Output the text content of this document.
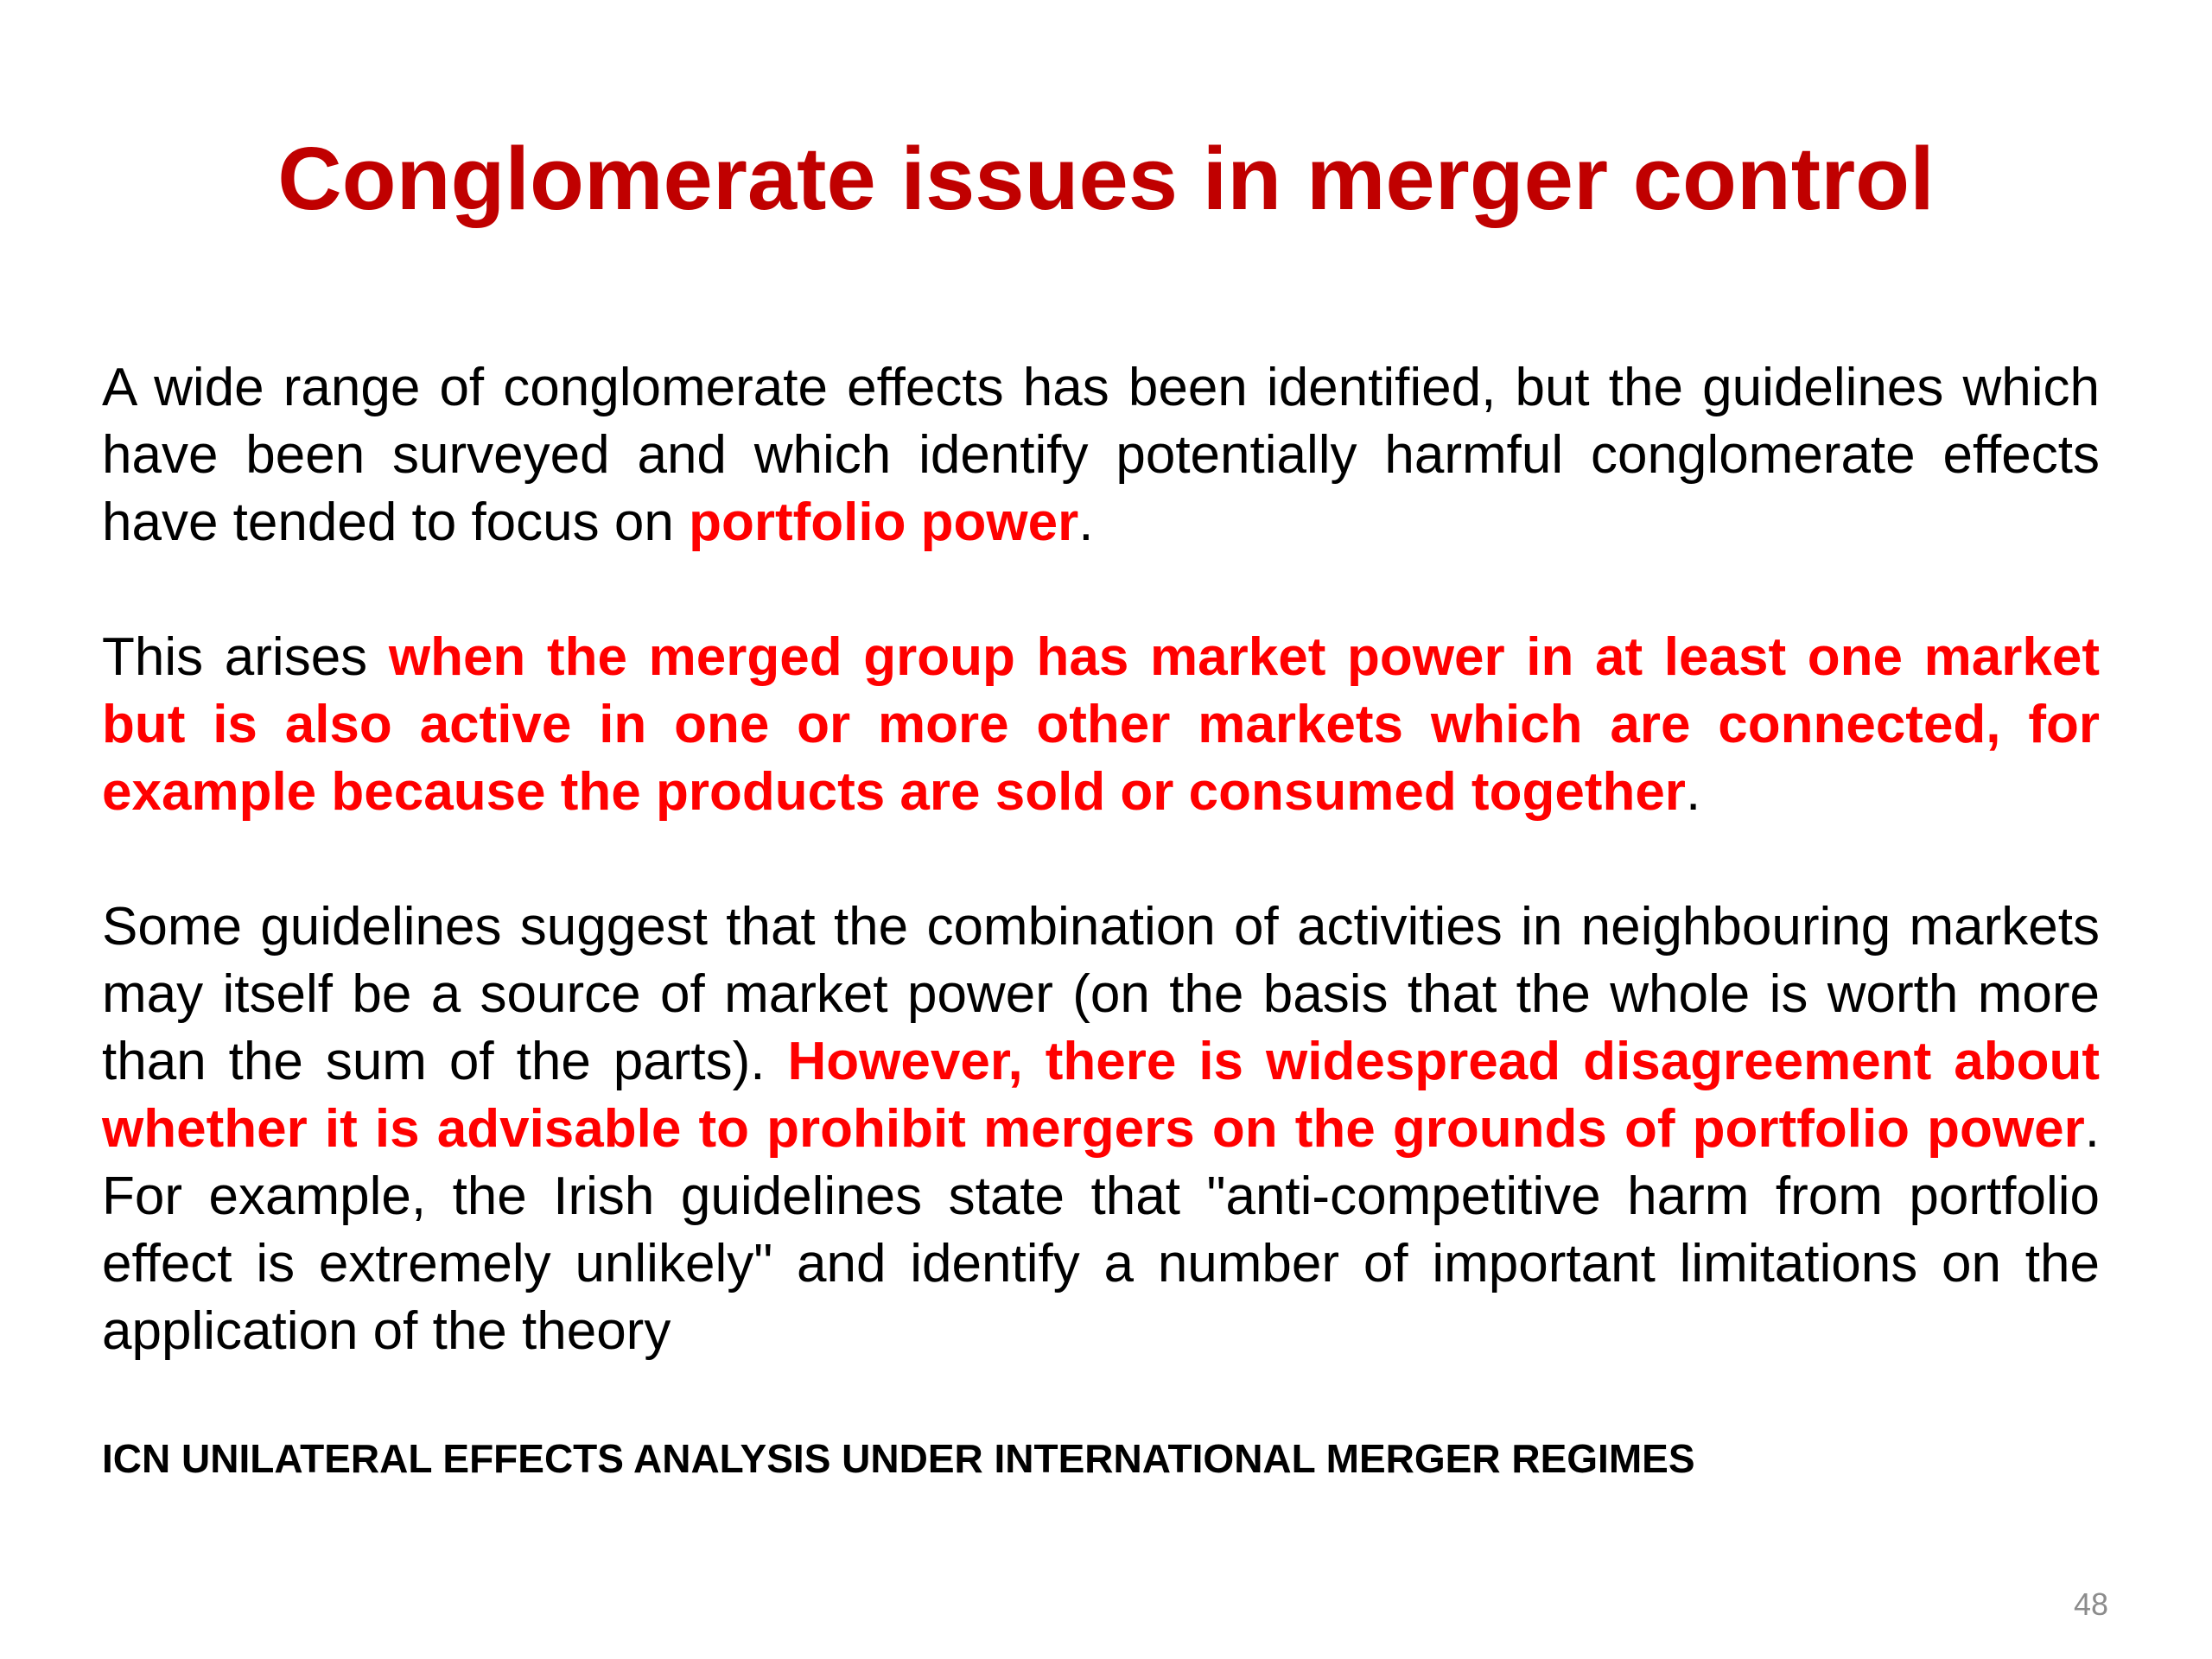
Conglomerate issues in merger control

A wide range of conglomerate effects has been identified, but the guidelines which have been surveyed and which identify potentially harmful conglomerate effects have tended to focus on portfolio power.

This arises when the merged group has market power in at least one market but is also active in one or more other markets which are connected, for example because the products are sold or consumed together.

Some guidelines suggest that the combination of activities in neighbouring markets may itself be a source of market power (on the basis that the whole is worth more than the sum of the parts). However, there is widespread disagreement about whether it is advisable to prohibit mergers on the grounds of portfolio power. For example, the Irish guidelines state that "anti-competitive harm from portfolio effect is extremely unlikely" and identify a number of important limitations on the application of the theory

ICN UNILATERAL EFFECTS ANALYSIS UNDER INTERNATIONAL MERGER REGIMES
48
